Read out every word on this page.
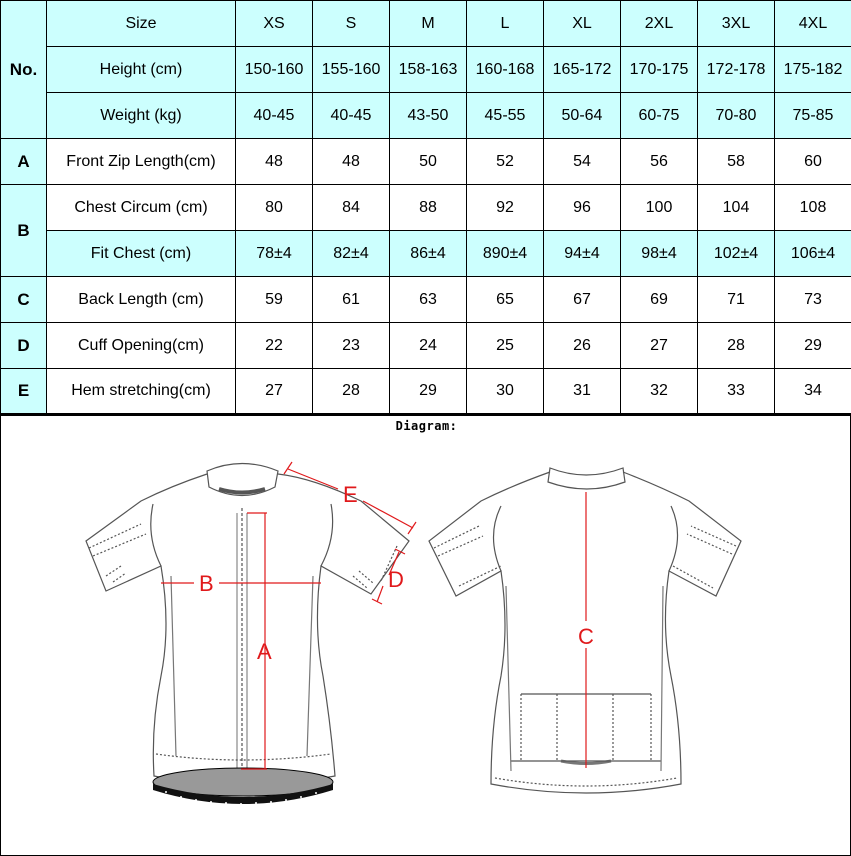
No.	Size	XS	S	M	L	XL	2XL	3XL	4XL
	Height (cm)	150-160	155-160	158-163	160-168	165-172	170-175	172-178	175-182
	Weight (kg)	40-45	40-45	43-50	45-55	50-64	60-75	70-80	75-85
A	Front Zip Length(cm)	48	48	50	52	54	56	58	60
B	Chest Circum (cm)	80	84	88	92	96	100	104	108
	Fit Chest (cm)	78±4	82±4	86±4	890±4	94±4	98±4	102±4	106±4
C	Back Length (cm)	59	61	63	65	67	69	71	73
D	Cuff Opening(cm)	22	23	24	25	26	27	28	29
E	Hem stretching(cm)	27	28	29	30	31	32	33	34
Diagram:
A
B
C
D
E
